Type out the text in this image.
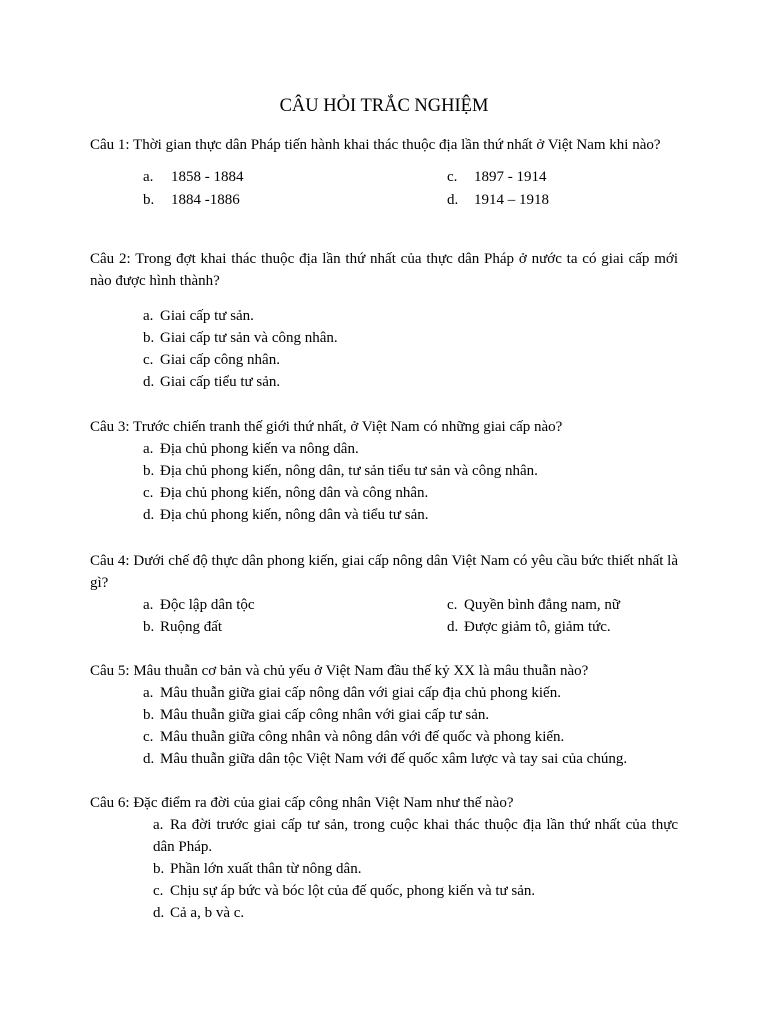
CÂU HỎI TRẮC NGHIỆM
Câu 1: Thời gian thực dân Pháp tiến hành khai thác thuộc địa lần thứ nhất ở Việt Nam khi nào?
a. 1858 - 1884
b. 1884 -1886
c. 1897 - 1914
d. 1914 – 1918
Câu 2: Trong đợt khai thác thuộc địa lần thứ nhất của thực dân Pháp ở nước ta có giai cấp mới nào được hình thành?
a. Giai cấp tư sản.
b. Giai cấp tư sản và công nhân.
c. Giai cấp công nhân.
d. Giai cấp tiểu tư sản.
Câu 3: Trước chiến tranh thế giới thứ nhất, ở Việt Nam có những giai cấp nào?
a. Địa chủ phong kiến va nông dân.
b. Địa chủ phong kiến, nông dân, tư sản tiểu tư sản và công nhân.
c. Địa chủ phong kiến, nông dân và công nhân.
d. Địa chủ phong kiến, nông dân và tiểu tư sản.
Câu 4: Dưới chế độ thực dân phong kiến, giai cấp nông dân Việt Nam có yêu cầu bức thiết nhất là gì?
a. Độc lập dân tộc
b. Ruộng đất
c. Quyền bình đẳng nam, nữ
d. Được giảm tô, giảm tức.
Câu 5: Mâu thuẫn cơ bản và chủ yếu ở Việt Nam đầu thế kỷ XX là mâu thuẫn nào?
a. Mâu thuẫn giữa giai cấp nông dân với giai cấp địa chủ phong kiến.
b. Mâu thuẫn giữa giai cấp công nhân với giai cấp tư sản.
c. Mâu thuẫn giữa công nhân và nông dân với đế quốc và phong kiến.
d. Mâu thuẫn giữa dân tộc Việt Nam với đế quốc xâm lược và tay sai của chúng.
Câu 6: Đặc điểm ra đời của giai cấp công nhân Việt Nam như thế nào?
a. Ra đời trước giai cấp tư sản, trong cuộc khai thác thuộc địa lần thứ nhất của thực dân Pháp.
b. Phần lớn xuất thân từ nông dân.
c. Chịu sự áp bức và bóc lột của đế quốc, phong kiến và tư sản.
d. Cả a, b và c.
